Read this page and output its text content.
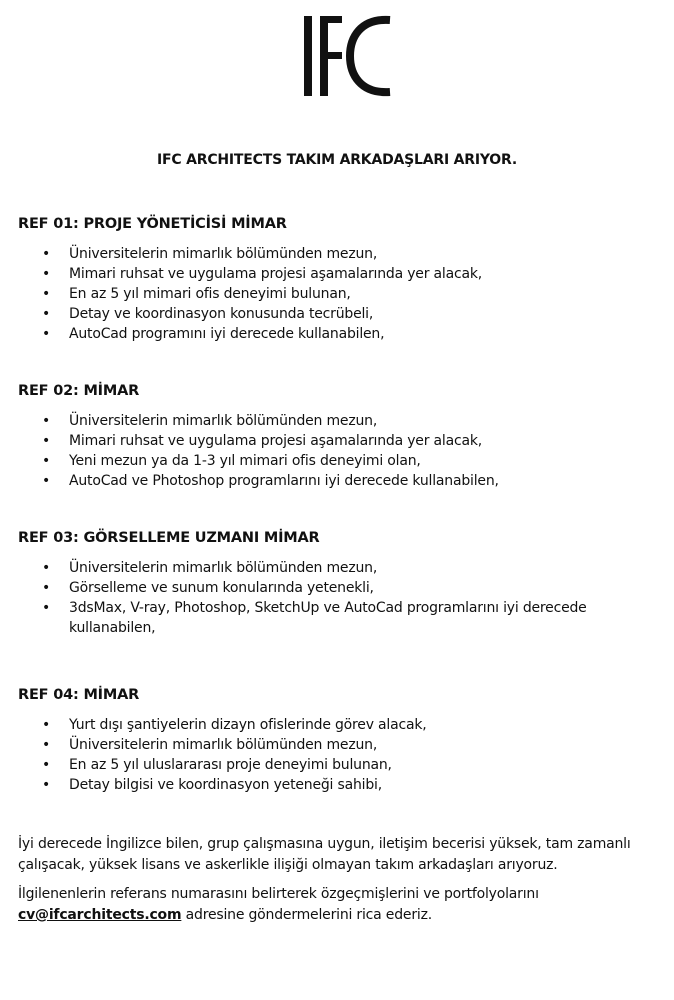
IFC ARCHITECTS TAKIM ARKADAŞLARI ARIYOR.
REF 01: PROJE YÖNETİCİSİ MİMAR
• Üniversitelerin mimarlık bölümünden mezun,
• Mimari ruhsat ve uygulama projesi aşamalarında yer alacak,
• En az 5 yıl mimari ofis deneyimi bulunan,
• Detay ve koordinasyon konusunda tecrübeli,
• AutoCad programını iyi derecede kullanabilen,
REF 02: MİMAR
• Üniversitelerin mimarlık bölümünden mezun,
• Mimari ruhsat ve uygulama projesi aşamalarında yer alacak,
• Yeni mezun ya da 1-3 yıl mimari ofis deneyimi olan,
• AutoCad ve Photoshop programlarını iyi derecede kullanabilen,
REF 03: GÖRSELLEME UZMANI MİMAR
• Üniversitelerin mimarlık bölümünden mezun,
• Görselleme ve sunum konularında yetenekli,
• 3dsMax, V-ray, Photoshop, SketchUp ve AutoCad programlarını iyi derecede kullanabilen,
REF 04: MİMAR
• Yurt dışı şantiyelerin dizayn ofislerinde görev alacak,
• Üniversitelerin mimarlık bölümünden mezun,
• En az 5 yıl uluslararası proje deneyimi bulunan,
• Detay bilgisi ve koordinasyon yeteneği sahibi,

İyi derecede İngilizce bilen, grup çalışmasına uygun, iletişim becerisi yüksek, tam zamanlı çalışacak, yüksek lisans ve askerlikle ilişiği olmayan takım arkadaşları arıyoruz.

İlgilenenlerin referans numarasını belirterek özgeçmişlerini ve portfolyolarını
cv@ifcarchitects.com adresine göndermelerini rica ederiz.
